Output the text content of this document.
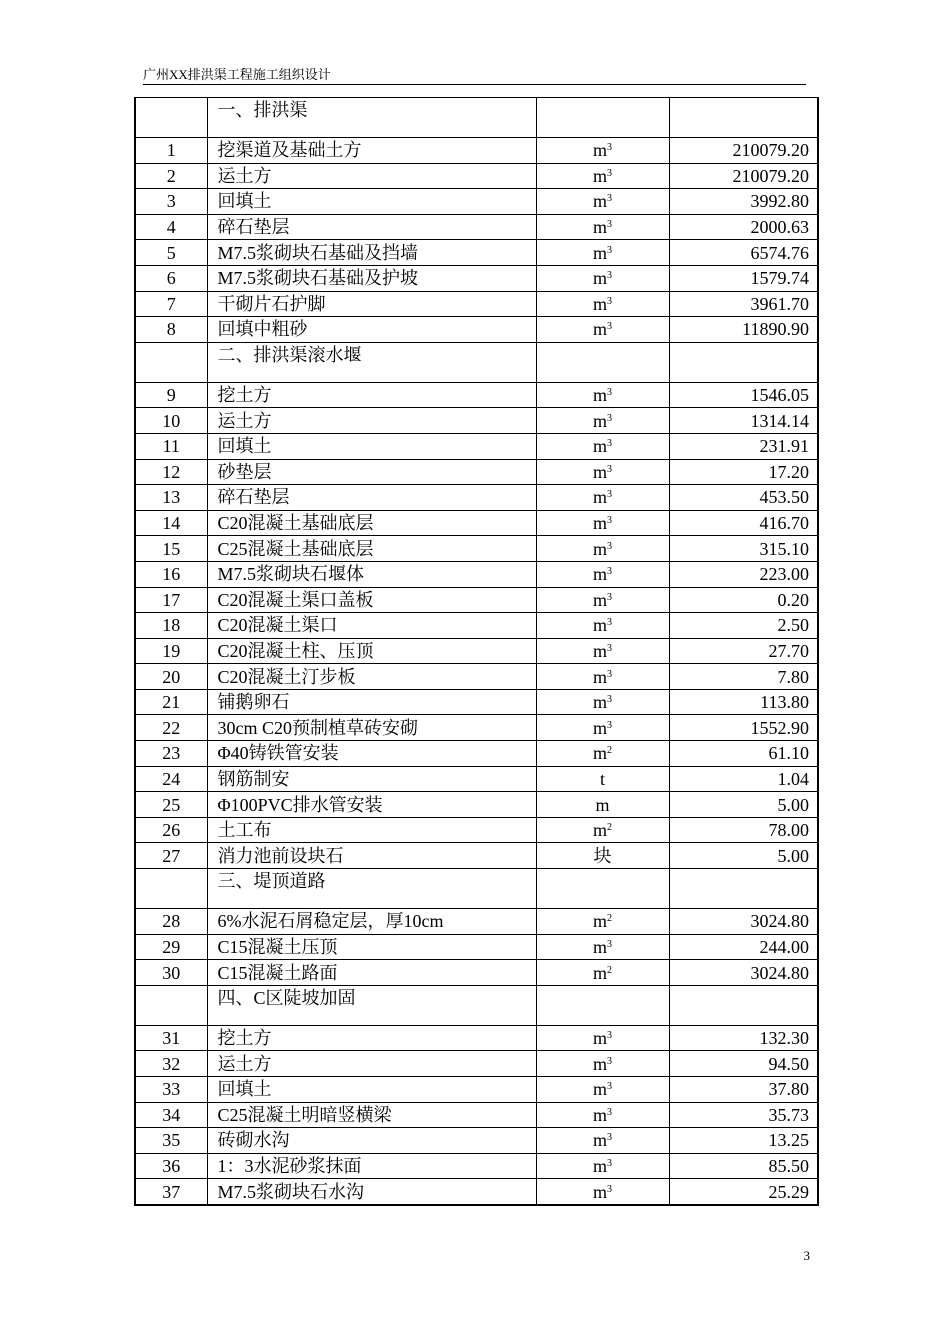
广州XX排洪渠工程施工组织设计
	一、排洪渠		
1	挖渠道及基础土方	$m^3$	210079.20
2	运土方	$m^3$	210079.20
3	回填土	$m^3$	3992.80
4	碎石垫层	$m^3$	2000.63
5	M7.5浆砌块石基础及挡墙	$m^3$	6574.76
6	M7.5浆砌块石基础及护坡	$m^3$	1579.74
7	干砌片石护脚	$m^3$	3961.70
8	回填中粗砂	$m^3$	11890.90
	二、排洪渠滚水堰		
9	挖土方	$m^3$	1546.05
10	运土方	$m^3$	1314.14
11	回填土	$m^3$	231.91
12	砂垫层	$m^3$	17.20
13	碎石垫层	$m^3$	453.50
14	C20混凝土基础底层	$m^3$	416.70
15	C25混凝土基础底层	$m^3$	315.10
16	M7.5浆砌块石堰体	$m^3$	223.00
17	C20混凝土渠口盖板	$m^3$	0.20
18	C20混凝土渠口	$m^3$	2.50
19	C20混凝土柱、压顶	$m^3$	27.70
20	C20混凝土汀步板	$m^3$	7.80
21	铺鹅卵石	$m^3$	113.80
22	30cm C20预制植草砖安砌	$m^3$	1552.90
23	Φ40铸铁管安装	$m^2$	61.10
24	钢筋制安	t	1.04
25	Φ100PVC排水管安装	m	5.00
26	土工布	$m^2$	78.00
27	消力池前设块石	块	5.00
	三、堤顶道路		
28	6%水泥石屑稳定层，厚10cm	$m^2$	3024.80
29	C15混凝土压顶	$m^3$	244.00
30	C15混凝土路面	$m^2$	3024.80
	四、C区陡坡加固		
31	挖土方	$m^3$	132.30
32	运土方	$m^3$	94.50
33	回填土	$m^3$	37.80
34	C25混凝土明暗竖横梁	$m^3$	35.73
35	砖砌水沟	$m^3$	13.25
36	1：3水泥砂浆抹面	$m^3$	85.50
37	M7.5浆砌块石水沟	$m^3$	25.29
3
